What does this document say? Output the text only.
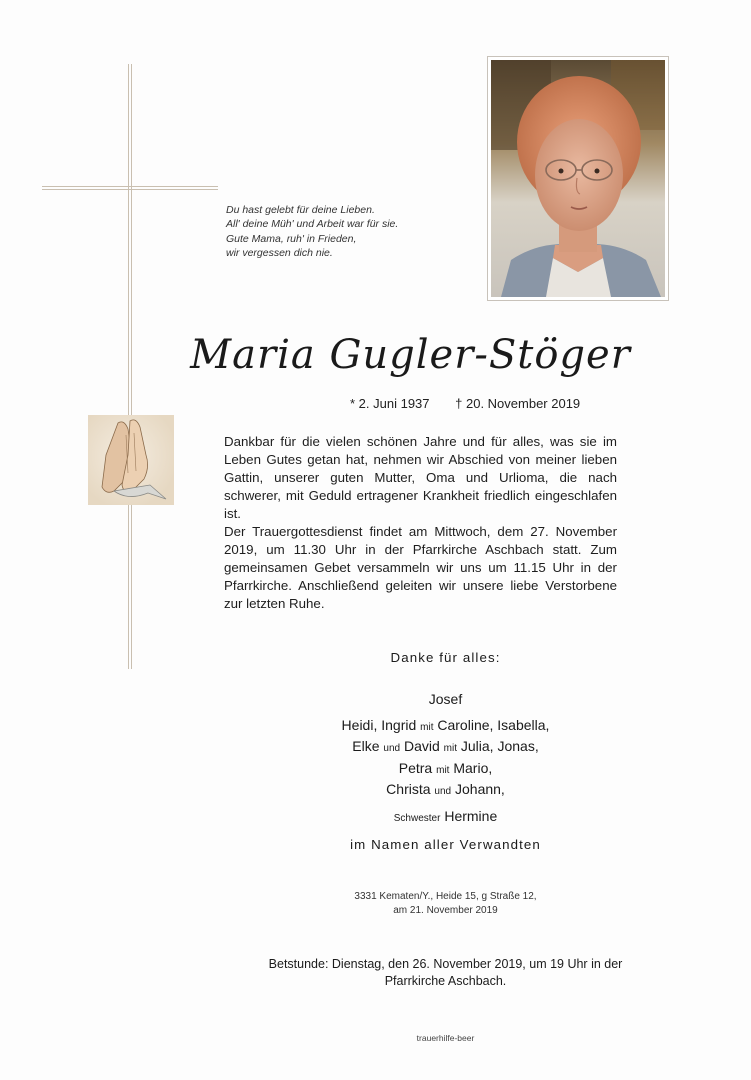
Du hast gelebt für deine Lieben.
All' deine Müh' und Arbeit war für sie.
Gute Mama, ruh' in Frieden,
wir vergessen dich nie.
Maria Gugler-Stöger
* 2. Juni 1937 † 20. November 2019
Dankbar für die vielen schönen Jahre und für alles, was sie im Leben Gutes getan hat, nehmen wir Abschied von meiner lieben Gattin, unserer guten Mutter, Oma und Urlioma, die nach schwerer, mit Geduld ertragener Krankheit friedlich eingeschlafen ist.
Der Trauergottesdienst findet am Mittwoch, dem 27. November 2019, um 11.30 Uhr in der Pfarrkirche Aschbach statt. Zum gemeinsamen Gebet versammeln wir uns um 11.15 Uhr in der Pfarrkirche. Anschließend geleiten wir unsere liebe Verstorbene zur letzten Ruhe.
Danke für alles:
Josef
Heidi, Ingrid mit Caroline, Isabella,
Elke und David mit Julia, Jonas,
Petra mit Mario,
Christa und Johann,
Schwester Hermine
im Namen aller Verwandten
3331 Kematen/Y., Heide 15, g Straße 12,
am 21. November 2019
Betstunde: Dienstag, den 26. November 2019, um 19 Uhr in der
Pfarrkirche Aschbach.
trauerhilfe-beer
